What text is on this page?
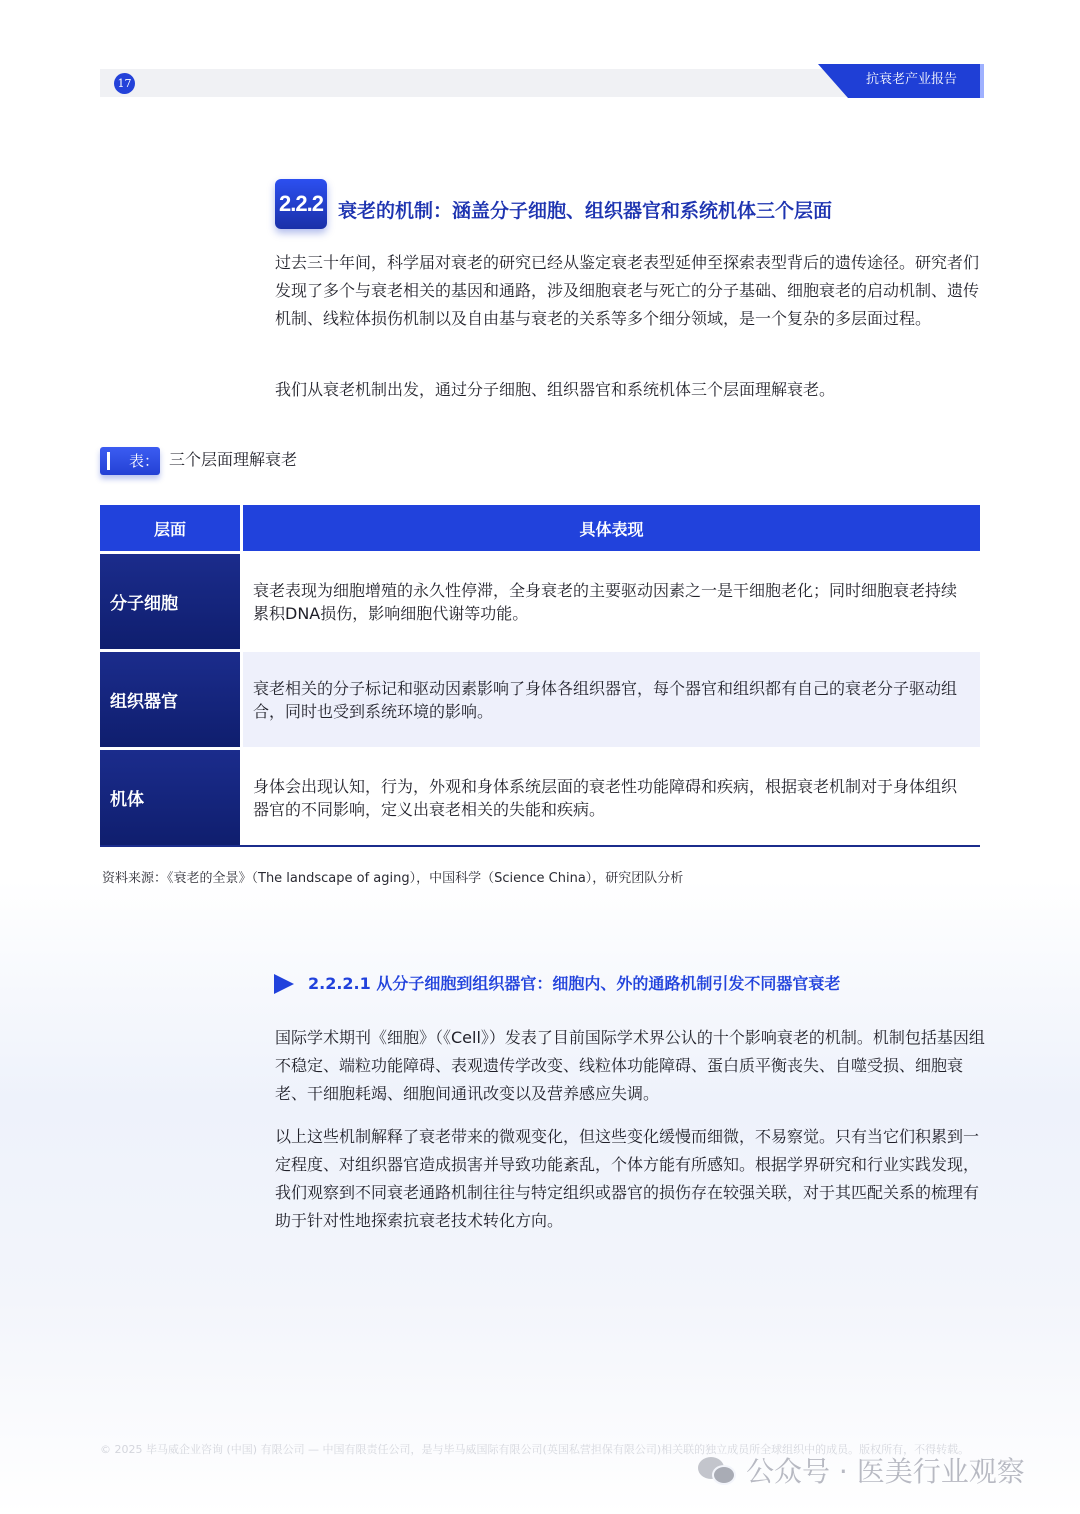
17	抗衰老产业报告
2.2.2 衰老的机制：涵盖分子细胞、组织器官和系统机体三个层面
过去三十年间，科学届对衰老的研究已经从鉴定衰老表型延伸至探索表型背后的遗传途径。研究者们发现了多个与衰老相关的基因和通路，涉及细胞衰老与死亡的分子基础、细胞衰老的启动机制、遗传机制、线粒体损伤机制以及自由基与衰老的关系等多个细分领域，是一个复杂的多层面过程。
我们从衰老机制出发，通过分子细胞、组织器官和系统机体三个层面理解衰老。
表： 三个层面理解衰老
层面	具体表现
分子细胞
衰老表现为细胞增殖的永久性停滞，全身衰老的主要驱动因素之一是干细胞老化；同时细胞衰老持续累积DNA损伤，影响细胞代谢等功能。
组织器官
衰老相关的分子标记和驱动因素影响了身体各组织器官，每个器官和组织都有自己的衰老分子驱动组合，同时也受到系统环境的影响。
机体
身体会出现认知，行为，外观和身体系统层面的衰老性功能障碍和疾病，根据衰老机制对于身体组织器官的不同影响，定义出衰老相关的失能和疾病。
资料来源：《衰老的全景》（The landscape of aging），中国科学（Science China），研究团队分析
2.2.2.1 从分子细胞到组织器官：细胞内、外的通路机制引发不同器官衰老
国际学术期刊《细胞》（《Cell》）发表了目前国际学术界公认的十个影响衰老的机制。机制包括基因组不稳定、端粒功能障碍、表观遗传学改变、线粒体功能障碍、蛋白质平衡丧失、自噬受损、细胞衰老、干细胞耗竭、细胞间通讯改变以及营养感应失调。
以上这些机制解释了衰老带来的微观变化，但这些变化缓慢而细微，不易察觉。只有当它们积累到一定程度、对组织器官造成损害并导致功能紊乱，个体方能有所感知。根据学界研究和行业实践发现，我们观察到不同衰老通路机制往往与特定组织或器官的损伤存在较强关联，对于其匹配关系的梳理有助于针对性地探索抗衰老技术转化方向。
© 2025 毕马威企业咨询 (中国) 有限公司 — 中国有限责任公司，是与毕马威国际有限公司(英国私营担保有限公司)相关联的独立成员所全球组织中的成员。版权所有，不得转载。
公众号 · 医美行业观察
